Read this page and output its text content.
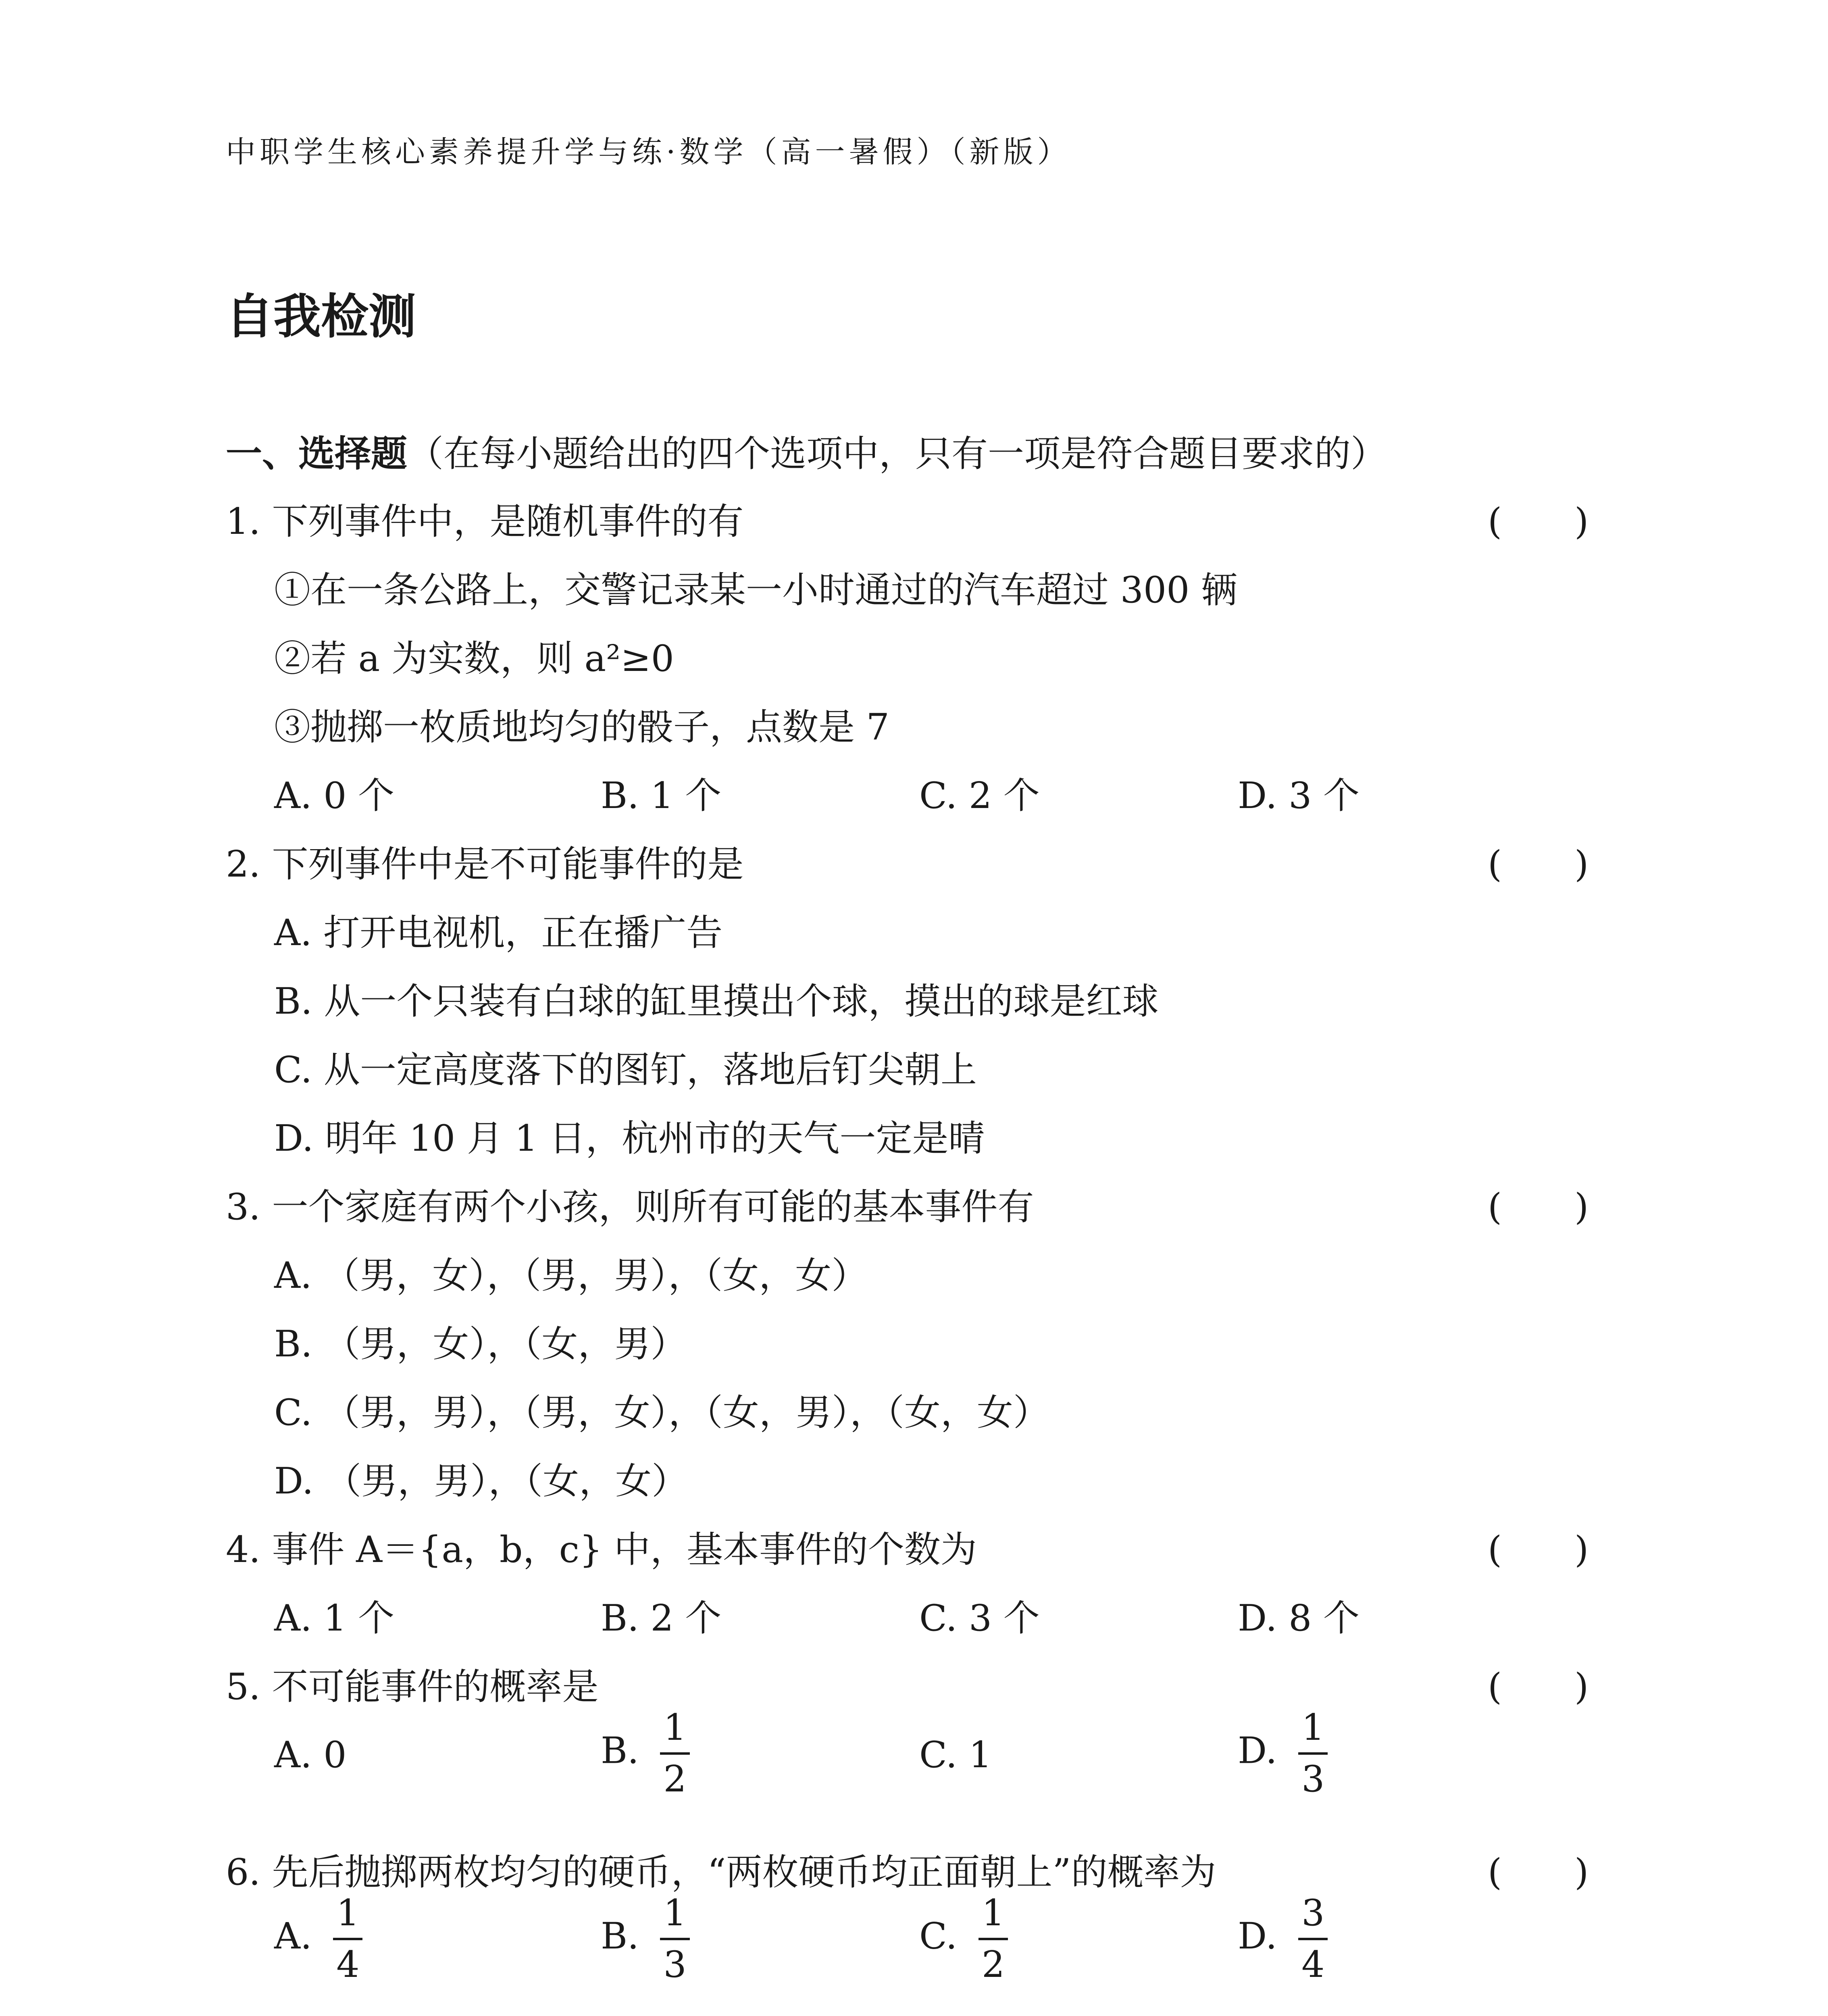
中职学生核心素养提升学与练·数学（高一暑假）（新版）
自我检测
一、选择题（在每小题给出的四个选项中，只有一项是符合题目要求的）
1. 下列事件中，是随机事件的有	(　　)
①在一条公路上，交警记录某一小时通过的汽车超过 300 辆
②若 a 为实数，则 a²≥0
③抛掷一枚质地均匀的骰子，点数是 7
A. 0 个	B. 1 个	C. 2 个	D. 3 个
2. 下列事件中是不可能事件的是	(　　)
A. 打开电视机，正在播广告
B. 从一个只装有白球的缸里摸出个球，摸出的球是红球
C. 从一定高度落下的图钉，落地后钉尖朝上
D. 明年 10 月 1 日，杭州市的天气一定是晴
3. 一个家庭有两个小孩，则所有可能的基本事件有	(　　)
A. （男，女），（男，男），（女，女）
B. （男，女），（女，男）
C. （男，男），（男，女），（女，男），（女，女）
D. （男，男），（女，女）
4. 事件 A＝{a，b，c} 中，基本事件的个数为	(　　)
A. 1 个	B. 2 个	C. 3 个	D. 8 个
5. 不可能事件的概率是	(　　)
A. 0	B.
1
2
C. 1	D.
1
3
6. 先后抛掷两枚均匀的硬币，“两枚硬币均正面朝上”的概率为	(　　)
A.
1
4
B.
1
3
C.
1
2
D.
3
4
